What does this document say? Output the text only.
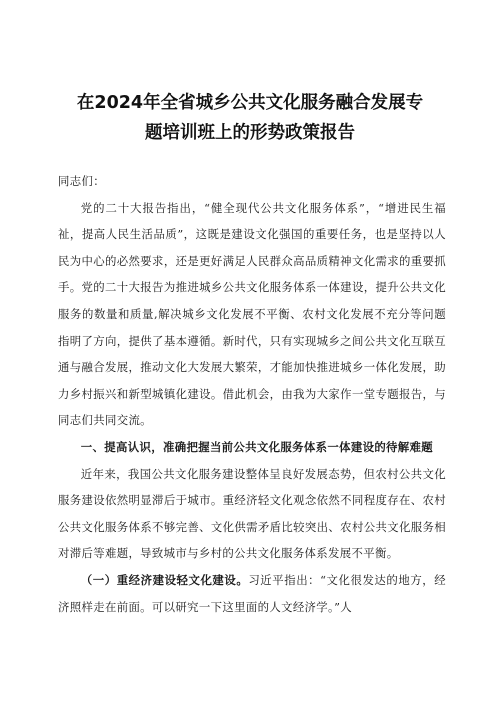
在2024年全省城乡公共文化服务融合发展专
题培训班上的形势政策报告

同志们：

党的二十大报告指出，“健全现代公共文化服务体系”，“增进民生福祉，提高人民生活品质”，这既是建设文化强国的重要任务，也是坚持以人民为中心的必然要求，还是更好满足人民群众高品质精神文化需求的重要抓手。党的二十大报告为推进城乡公共文化服务体系一体建设，提升公共文化服务的数量和质量,解决城乡文化发展不平衡、农村文化发展不充分等问题指明了方向，提供了基本遵循。新时代，只有实现城乡之间公共文化互联互通与融合发展，推动文化大发展大繁荣，才能加快推进城乡一体化发展，助力乡村振兴和新型城镇化建设。借此机会，由我为大家作一堂专题报告，与同志们共同交流。

一、提高认识，准确把握当前公共文化服务体系一体建设的待解难题

近年来，我国公共文化服务建设整体呈良好发展态势，但农村公共文化服务建设依然明显滞后于城市。重经济轻文化观念依然不同程度存在、农村公共文化服务体系不够完善、文化供需矛盾比较突出、农村公共文化服务相对滞后等难题，导致城市与乡村的公共文化服务体系发展不平衡。

（一）重经济建设轻文化建设。习近平指出：“文化很发达的地方，经济照样走在前面。可以研究一下这里面的人文经济学。”人
